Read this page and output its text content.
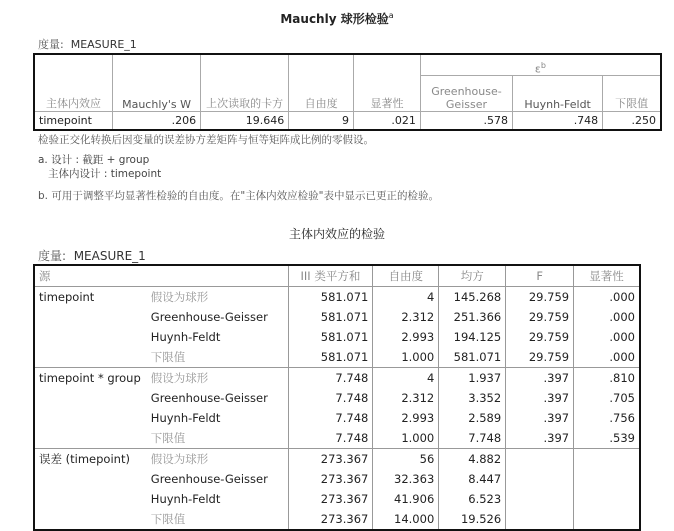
Mauchly 球形检验$^a$
度量: MEASURE_1
主体内效应	Mauchly's W	上次读取的卡方	自由度	显著性	$\varepsilon^b$
					Greenhouse-Geisser	Huynh-Feldt	下限值
timepoint	.206	19.646	9	.021	.578	.748	.250
检验正交化转换后因变量的误差协方差矩阵与恒等矩阵成比例的零假设。
a. 设计 : 截距 + group
主体内设计 : timepoint
b. 可用于调整平均显著性检验的自由度。在"主体内效应检验"表中显示已更正的检验。
主体内效应的检验
度量: MEASURE_1
源		III 类平方和	自由度	均方	F	显著性
timepoint	假设为球形	581.071	4	145.268	29.759	.000
	Greenhouse-Geisser	581.071	2.312	251.366	29.759	.000
	Huynh-Feldt	581.071	2.993	194.125	29.759	.000
	下限值	581.071	1.000	581.071	29.759	.000
timepoint * group	假设为球形	7.748	4	1.937	.397	.810
	Greenhouse-Geisser	7.748	2.312	3.352	.397	.705
	Huynh-Feldt	7.748	2.993	2.589	.397	.756
	下限值	7.748	1.000	7.748	.397	.539
误差 (timepoint)	假设为球形	273.367	56	4.882		
	Greenhouse-Geisser	273.367	32.363	8.447		
	Huynh-Feldt	273.367	41.906	6.523		
	下限值	273.367	14.000	19.526		
